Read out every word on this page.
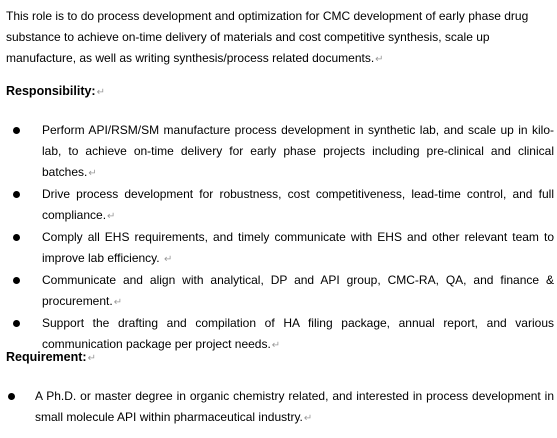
This role is to do process development and optimization for CMC development of early phase drug substance to achieve on-time delivery of materials and cost competitive synthesis, scale up manufacture, as well as writing synthesis/process related documents.↵
Responsibility:↵
Perform API/RSM/SM manufacture process development in synthetic lab, and scale up in kilo-lab, to achieve on-time delivery for early phase projects including pre-clinical and clinical batches.↵
Drive process development for robustness, cost competitiveness, lead-time control, and full compliance.↵
Comply all EHS requirements, and timely communicate with EHS and other relevant team to improve lab efficiency. ↵
Communicate and align with analytical, DP and API group, CMC-RA, QA, and finance & procurement.↵
Support the drafting and compilation of HA filing package, annual report, and various communication package per project needs.↵
Requirement:↵
A Ph.D. or master degree in organic chemistry related, and interested in process development in small molecule API within pharmaceutical industry.↵
